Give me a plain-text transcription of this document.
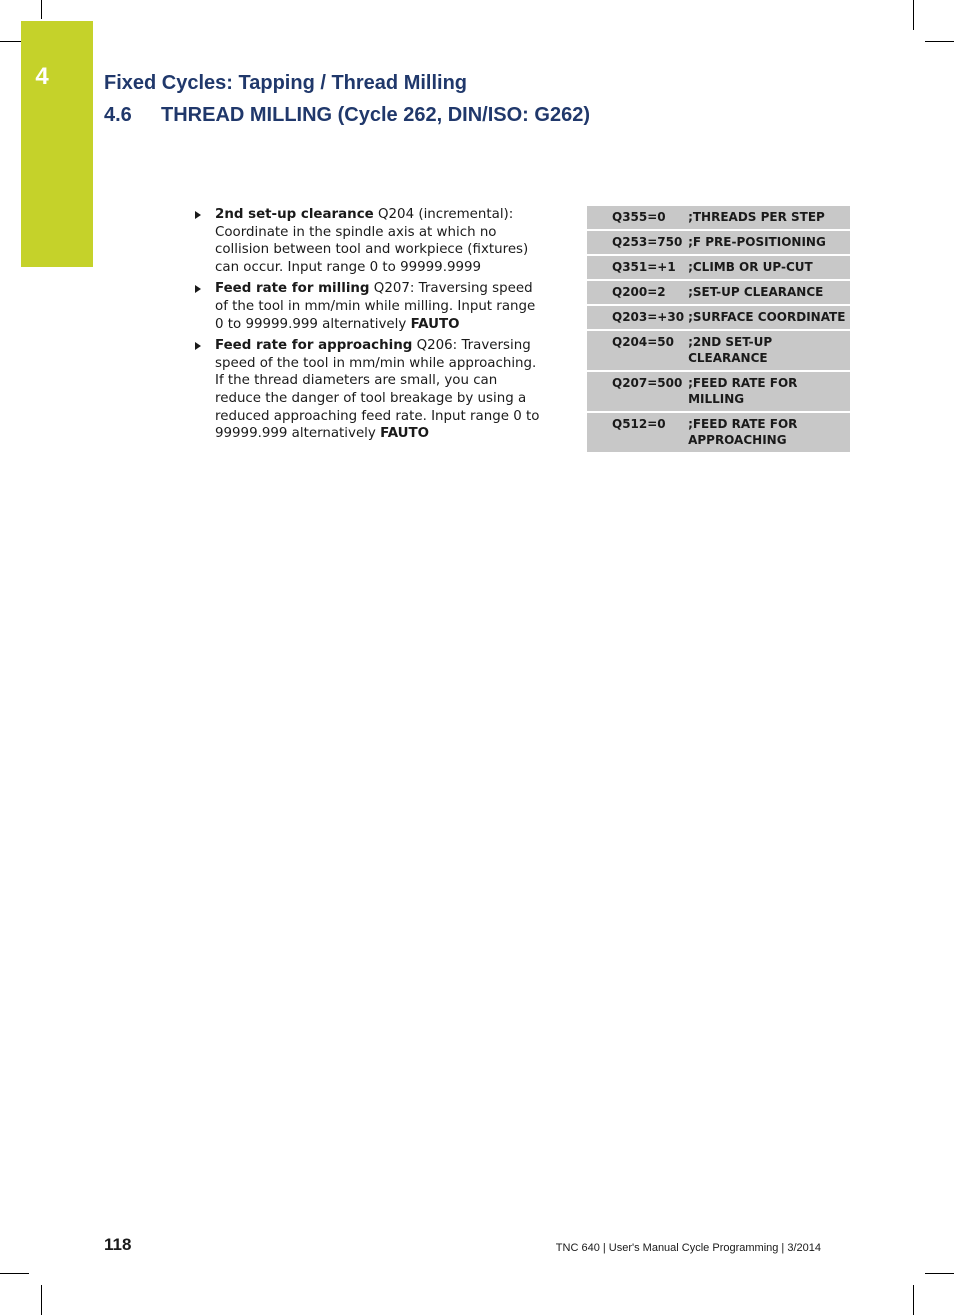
4	Fixed Cycles: Tapping / Thread Milling
4.6 THREAD MILLING (Cycle 262, DIN/ISO: G262)
2nd set-up clearance Q204 (incremental): Coordinate in the spindle axis at which no collision between tool and workpiece (fixtures) can occur. Input range 0 to 99999.9999
Feed rate for milling Q207: Traversing speed of the tool in mm/min while milling. Input range 0 to 99999.999 alternatively FAUTO
Feed rate for approaching Q206: Traversing speed of the tool in mm/min while approaching. If the thread diameters are small, you can reduce the danger of tool breakage by using a reduced approaching feed rate. Input range 0 to 99999.999 alternatively FAUTO
Q355=0	;THREADS PER STEP
Q253=750	;F PRE-POSITIONING
Q351=+1	;CLIMB OR UP-CUT
Q200=2	;SET-UP CLEARANCE
Q203=+30	;SURFACE COORDINATE
Q204=50	;2ND SET-UP CLEARANCE
Q207=500	;FEED RATE FOR MILLING
Q512=0	;FEED RATE FOR APPROACHING
118	TNC 640 | User's Manual Cycle Programming | 3/2014
